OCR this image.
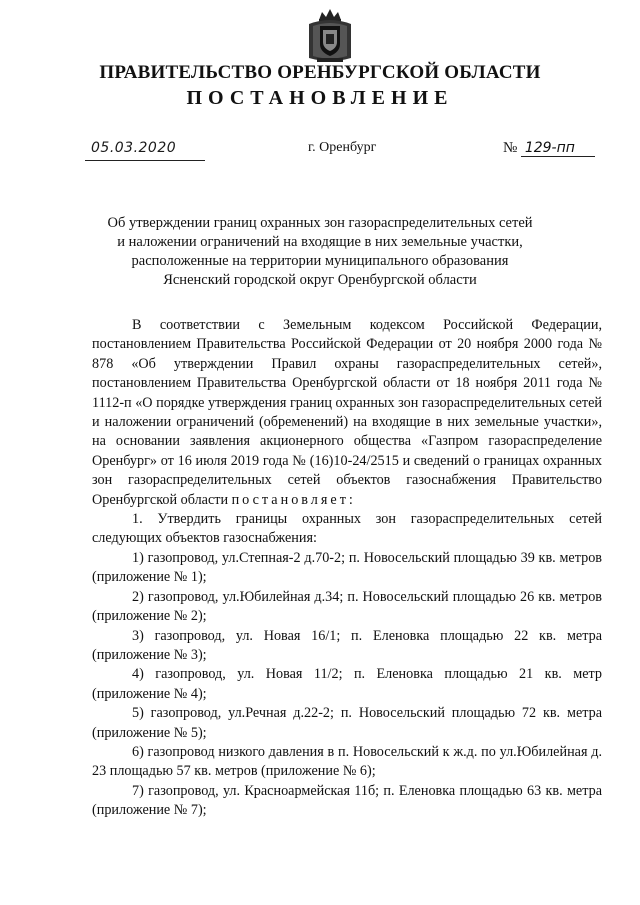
ПРАВИТЕЛЬСТВО ОРЕНБУРГСКОЙ ОБЛАСТИ
ПОСТАНОВЛЕНИЕ
05.03.2020	г. Оренбург	№ 129-пп
Об утверждении границ охранных зон газораспределительных сетей
и наложении ограничений на входящие в них земельные участки,
расположенные на территории муниципального образования
Ясненский городской округ Оренбургской области

В соответствии с Земельным кодексом Российской Федерации, постановлением Правительства Российской Федерации от 20 ноября 2000 года № 878 «Об утверждении Правил охраны газораспределительных сетей», постановлением Правительства Оренбургской области от 18 ноября 2011 года № 1112-п «О порядке утверждения границ охранных зон газораспределительных сетей и наложении ограничений (обременений) на входящие в них земельные участки», на основании заявления акционерного общества «Газпром газораспределение Оренбург» от 16 июля 2019 года № (16)10-24/2515 и сведений о границах охранных зон газораспределительных сетей объектов газоснабжения Правительство Оренбургской области постановляет:

1. Утвердить границы охранных зон газораспределительных сетей следующих объектов газоснабжения:

1) газопровод, ул.Степная-2 д.70-2; п. Новосельский площадью 39 кв. метров (приложение № 1);

2) газопровод, ул.Юбилейная д.34; п. Новосельский площадью 26 кв. метров (приложение № 2);

3) газопровод, ул. Новая 16/1; п. Еленовка площадью 22 кв. метра (приложение № 3);

4) газопровод, ул. Новая 11/2; п. Еленовка площадью 21 кв. метр (приложение № 4);

5) газопровод, ул.Речная д.22-2; п. Новосельский площадью 72 кв. метра (приложение № 5);

6) газопровод низкого давления в п. Новосельский к ж.д. по ул.Юбилейная д. 23 площадью 57 кв. метров (приложение № 6);

7) газопровод, ул. Красноармейская 11б; п. Еленовка площадью 63 кв. метра (приложение № 7);
